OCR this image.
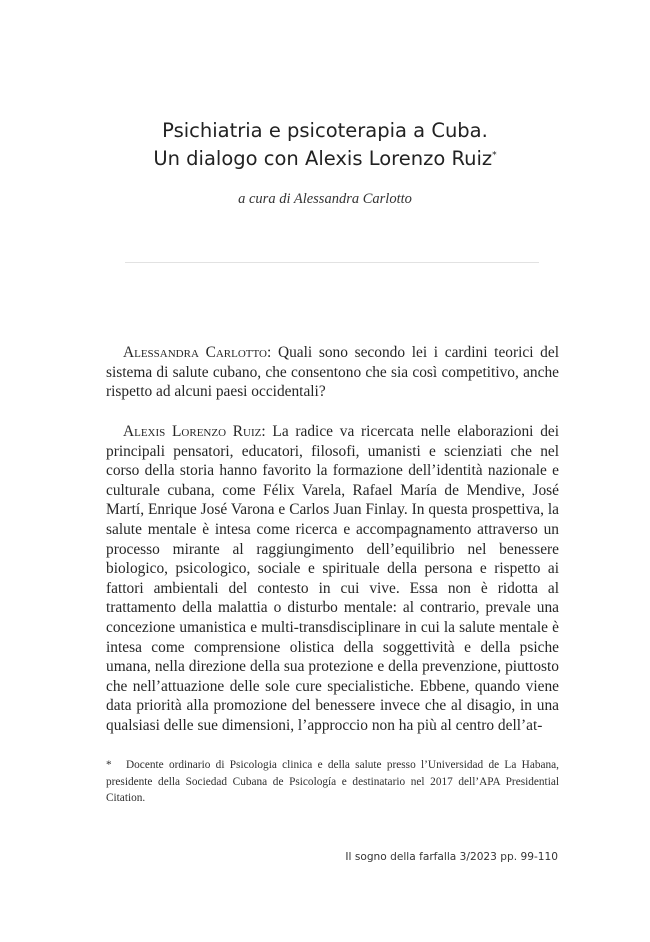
Psichiatria e psicoterapia a Cuba.
Un dialogo con Alexis Lorenzo Ruiz*
a cura di Alessandra Carlotto

Alessandra Carlotto: Quali sono secondo lei i cardini teorici del sistema di salute cubano, che consentono che sia così competitivo, anche rispetto ad alcuni paesi occidentali?

Alexis Lorenzo Ruiz: La radice va ricercata nelle elaborazioni dei principali pensatori, educatori, filosofi, umanisti e scienziati che nel corso della storia hanno favorito la formazione dell’identità nazionale e culturale cubana, come Félix Varela, Rafael María de Mendive, José Martí, Enrique José Varona e Carlos Juan Finlay. In questa prospettiva, la salute mentale è intesa come ricerca e accompagnamento attraverso un processo mirante al raggiungimento dell’equilibrio nel benessere biologico, psicologico, sociale e spirituale della persona e rispetto ai fattori ambientali del contesto in cui vive. Essa non è ridotta al trattamento della malattia o disturbo mentale: al contrario, prevale una concezione umanistica e multi-transdisciplinare in cui la salute mentale è intesa come comprensione olistica della soggettività e della psiche umana, nella direzione della sua protezione e della prevenzione, piuttosto che nell’attuazione delle sole cure specialistiche. Ebbene, quando viene data priorità alla promozione del benessere invece che al disagio, in una qualsiasi delle sue dimensioni, l’approccio non ha più al centro dell’at-

* Docente ordinario di Psicologia clinica e della salute presso l’Universidad de La Habana, presidente della Sociedad Cubana de Psicología e destinatario nel 2017 dell’APA Presidential Citation.

Il sogno della farfalla 3/2023 pp. 99-110
